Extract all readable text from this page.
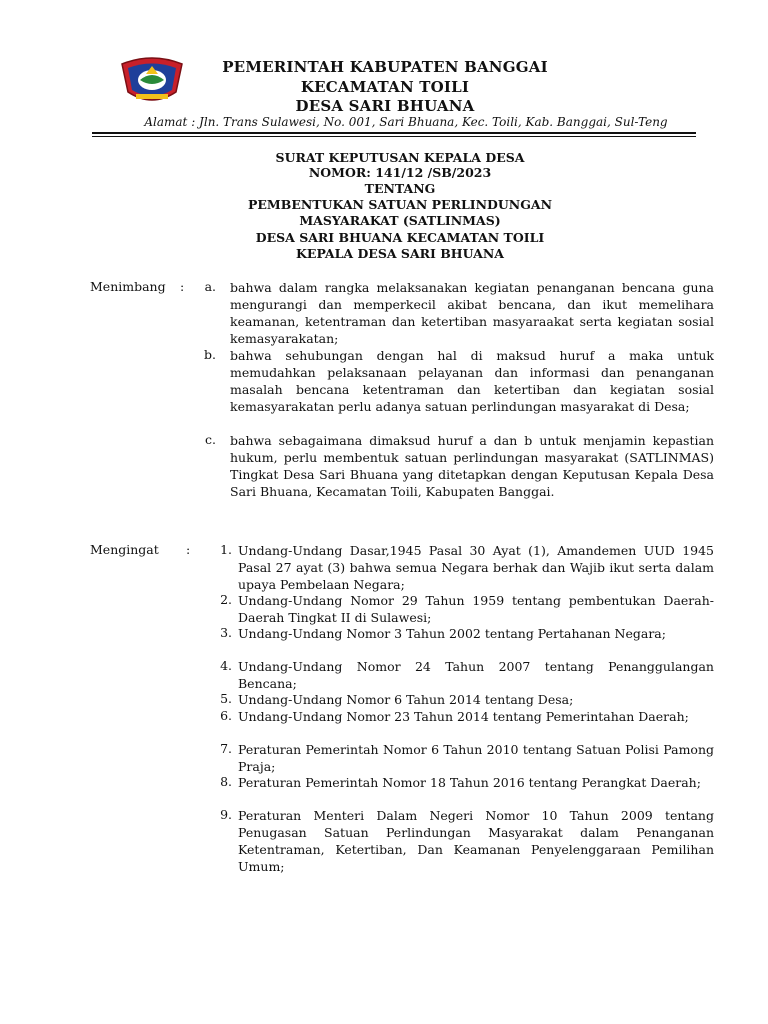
PEMERINTAH KABUPATEN BANGGAI
KECAMATAN TOILI
DESA SARI BHUANA
Alamat : Jln. Trans Sulawesi, No. 001, Sari Bhuana, Kec. Toili, Kab. Banggai, Sul-Teng
SURAT KEPUTUSAN KEPALA DESA
NOMOR: 141/12 /SB/2023
TENTANG
PEMBENTUKAN SATUAN PERLINDUNGAN
MASYARAKAT (SATLINMAS)
DESA SARI BHUANA KECAMATAN TOILI
KEPALA DESA SARI BHUANA
Menimbang :	a. bahwa dalam rangka melaksanakan kegiatan penanganan bencana guna mengurangi dan memperkecil akibat bencana, dan ikut memelihara keamanan, ketentraman dan ketertiban masyaraakat serta kegiatan sosial kemasyarakatan;

b. bahwa sehubungan dengan hal di maksud huruf a maka untuk memudahkan pelaksanaan pelayanan dan informasi dan penanganan masalah bencana ketentraman dan ketertiban dan kegiatan sosial kemasyarakatan perlu adanya satuan perlindungan masyarakat di Desa;

c. bahwa sebagaimana dimaksud huruf a dan b untuk menjamin kepastian hukum, perlu membentuk satuan perlindungan masyarakat (SATLINMAS) Tingkat Desa Sari Bhuana yang ditetapkan dengan Keputusan Kepala Desa Sari Bhuana, Kecamatan Toili, Kabupaten Banggai.

Mengingat :	1. Undang-Undang Dasar,1945 Pasal 30 Ayat (1), Amandemen UUD 1945 Pasal 27 ayat (3) bahwa semua Negara berhak dan Wajib ikut serta dalam upaya Pembelaan Negara;

2. Undang-Undang Nomor 29 Tahun 1959 tentang pembentukan Daerah-Daerah Tingkat II di Sulawesi;

3. Undang-Undang Nomor 3 Tahun 2002 tentang Pertahanan Negara;

4. Undang-Undang Nomor 24 Tahun 2007 tentang Penanggulangan Bencana;

5. Undang-Undang Nomor 6 Tahun 2014 tentang Desa;

6. Undang-Undang Nomor 23 Tahun 2014 tentang Pemerintahan Daerah;

7. Peraturan Pemerintah Nomor 6 Tahun 2010 tentang Satuan Polisi Pamong Praja;

8. Peraturan Pemerintah Nomor 18 Tahun 2016 tentang Perangkat Daerah;

9. Peraturan Menteri Dalam Negeri Nomor 10 Tahun 2009 tentang Penugasan Satuan Perlindungan Masyarakat dalam Penanganan Ketentraman, Ketertiban, Dan Keamanan Penyelenggaraan Pemilihan Umum;
